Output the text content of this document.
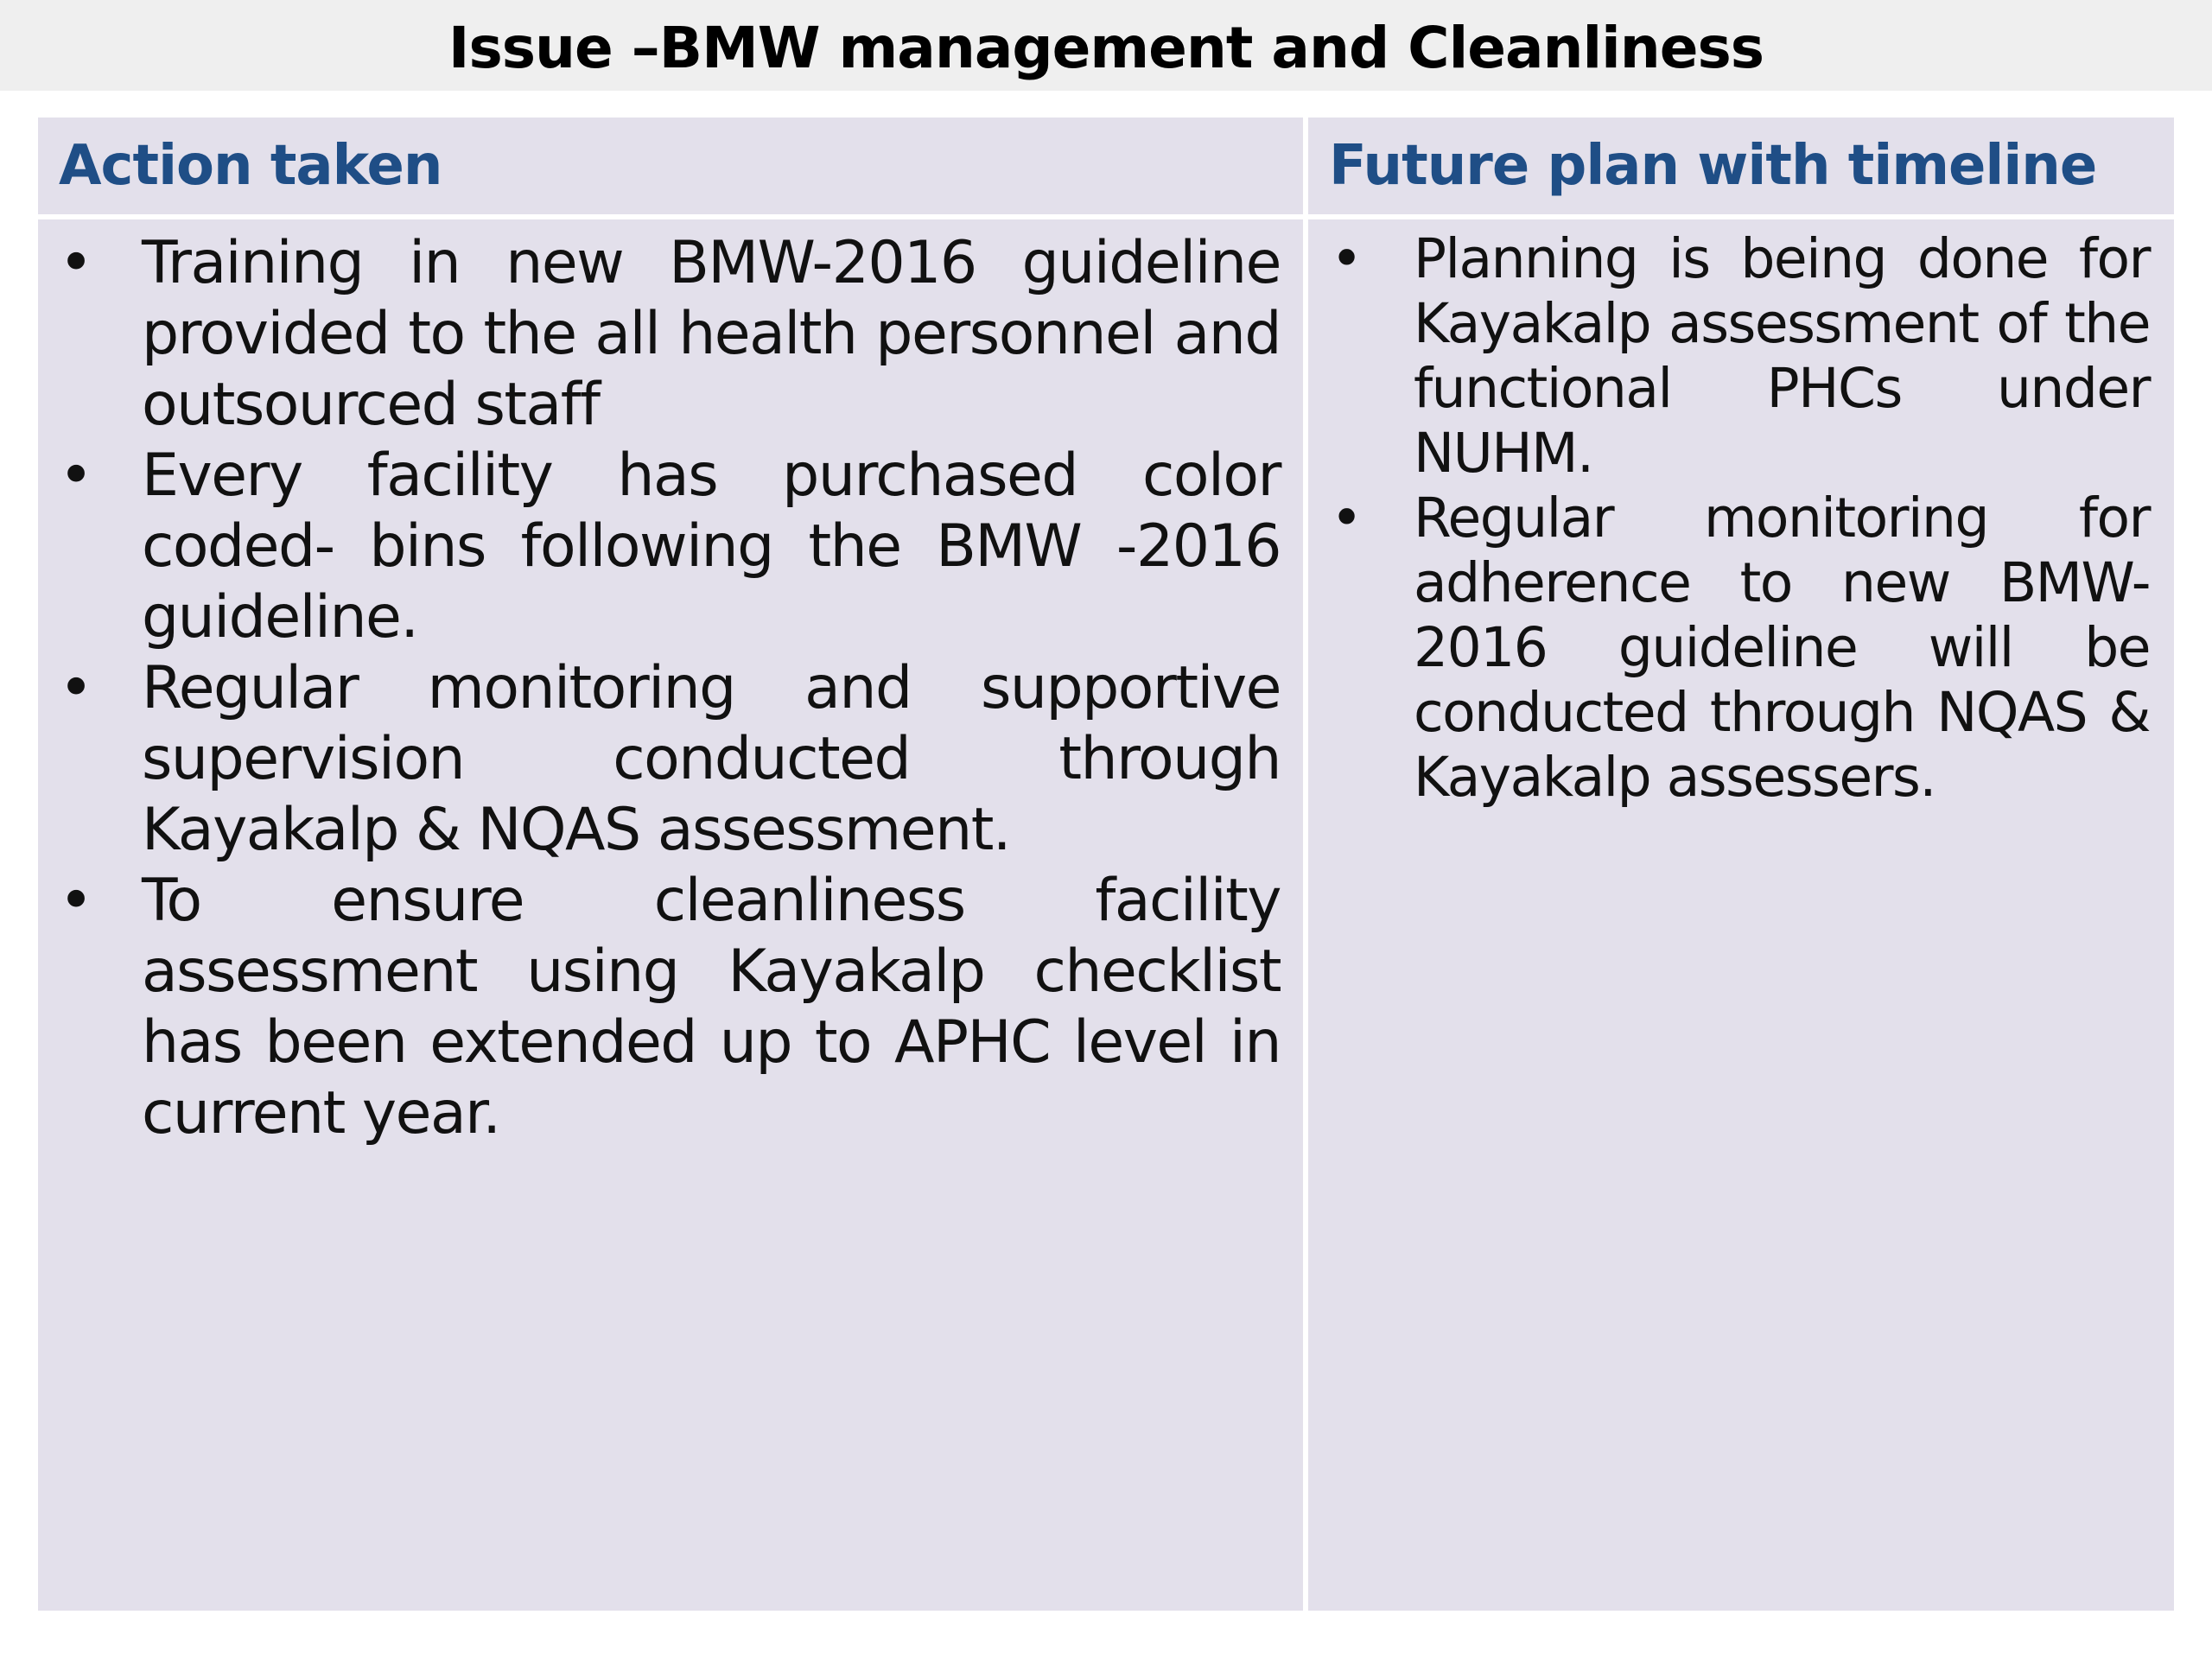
Issue –BMW management and Cleanliness
Action taken	Future plan with timeline
• Training in new BMW-2016 guideline provided to the all health personnel and outsourced staff
• Every facility has purchased color coded- bins following the BMW -2016 guideline.
• Regular monitoring and supportive supervision conducted through Kayakalp & NQAS assessment.
• To ensure cleanliness facility assessment using Kayakalp checklist has been extended up to APHC level in current year.
• Planning is being done for Kayakalp assessment of the functional PHCs under NUHM.
• Regular monitoring for adherence to new BMW-2016 guideline will be conducted through NQAS & Kayakalp assessers.
